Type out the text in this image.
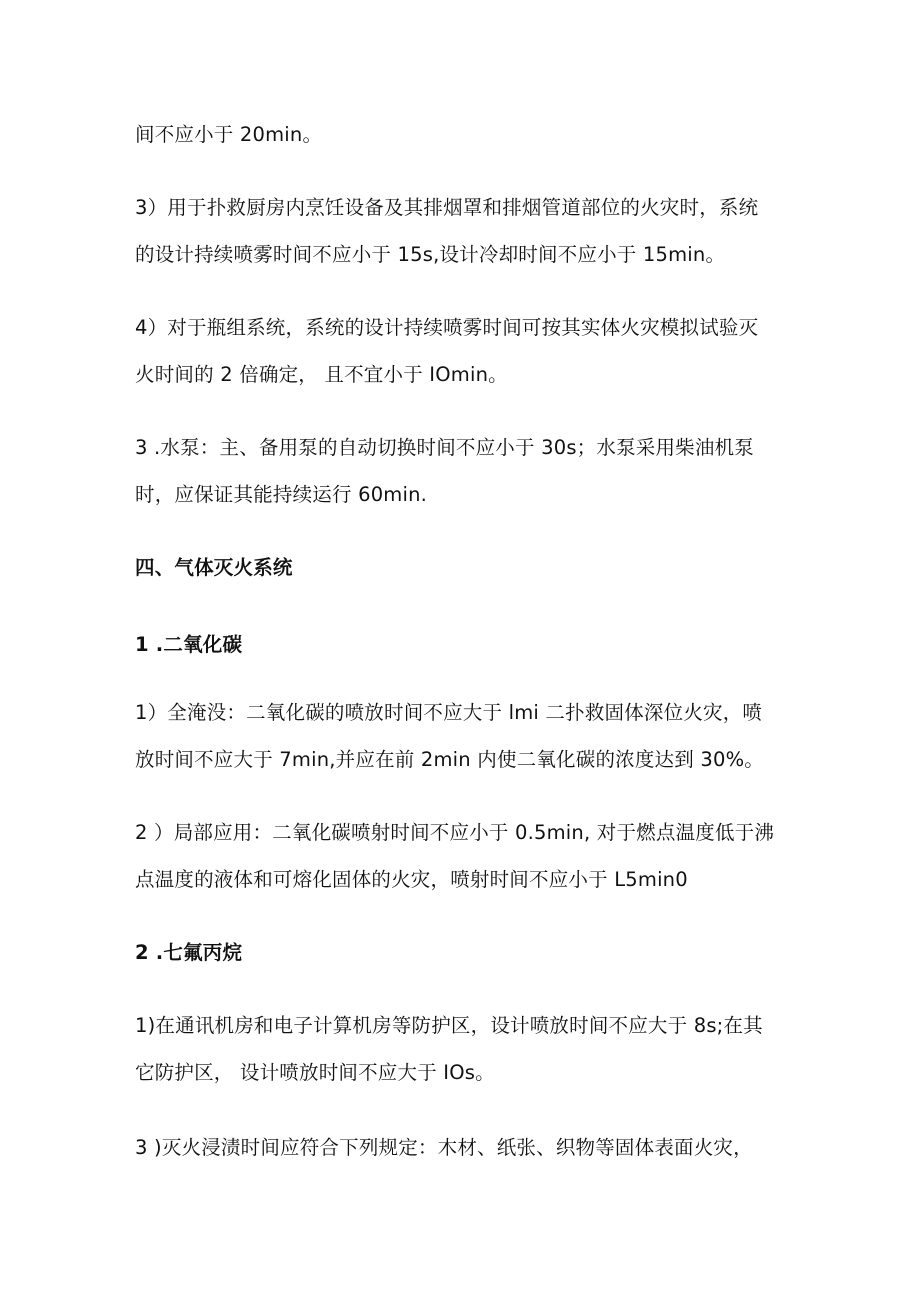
间不应小于 20min。
3）用于扑救厨房内烹饪设备及其排烟罩和排烟管道部位的火灾时，系统
的设计持续喷雾时间不应小于 15s,设计冷却时间不应小于 15min。
4）对于瓶组系统，系统的设计持续喷雾时间可按其实体火灾模拟试验灭
火时间的 2 倍确定， 且不宜小于 IOmin。
3 .水泵：主、备用泵的自动切换时间不应小于 30s；水泵采用柴油机泵
时，应保证其能持续运行 60min.
四、气体灭火系统
1 .二氧化碳
1）全淹没：二氧化碳的喷放时间不应大于 lmi 二扑救固体深位火灾，喷
放时间不应大于 7min,并应在前 2min 内使二氧化碳的浓度达到 30%。
2 ）局部应用：二氧化碳喷射时间不应小于 0.5min, 对于燃点温度低于沸
点温度的液体和可熔化固体的火灾，喷射时间不应小于 L5min0
2 .七氟丙烷
1)在通讯机房和电子计算机房等防护区，设计喷放时间不应大于 8s;在其
它防护区， 设计喷放时间不应大于 IOs。
3 )灭火浸渍时间应符合下列规定：木材、纸张、织物等固体表面火灾，
